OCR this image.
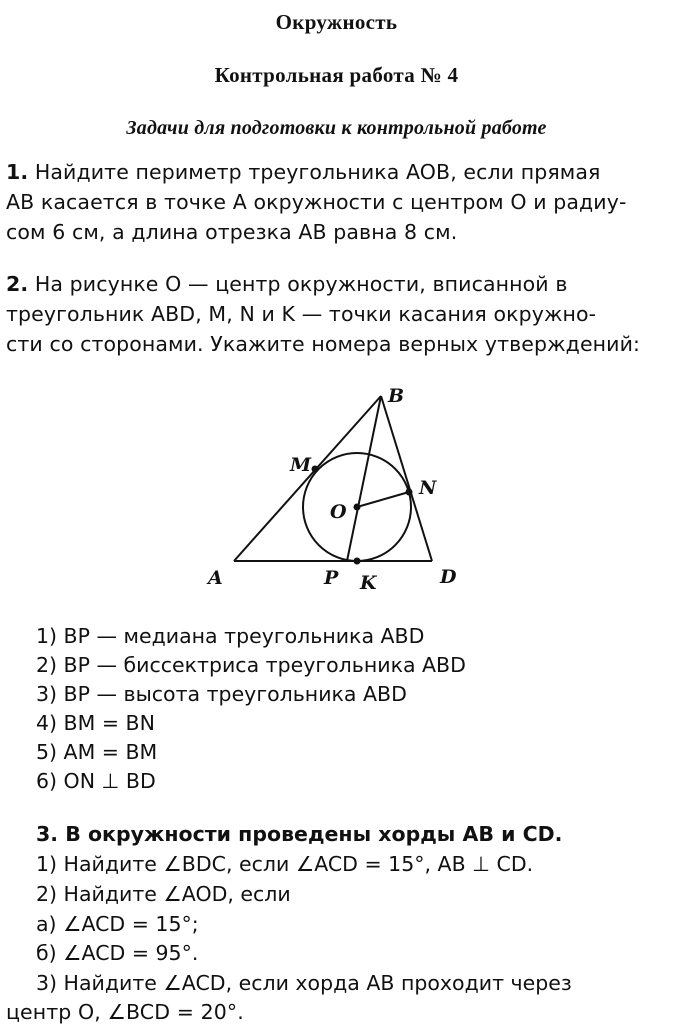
Окружность
Контрольная работа № 4
Задачи для подготовки к контрольной работе
1. Найдите периметр треугольника AOB, если прямая
AB касается в точке A окружности с центром O и радиу-
сом 6 см, а длина отрезка AB равна 8 см.
2. На рисунке O — центр окружности, вписанной в
треугольник ABD, M, N и K — точки касания окружно-
сти со сторонами. Укажите номера верных утверждений:
B
M
N
O
A	P K	D
1) BP — медиана треугольника ABD
2) BP — биссектриса треугольника ABD
3) BP — высота треугольника ABD
4) BM = BN
5) AM = BM
6) ON ⊥ BD
3. В окружности проведены хорды AB и CD.
1) Найдите ∠BDC, если ∠ACD = 15°, AB ⊥ CD.
2) Найдите ∠AOD, если
а) ∠ACD = 15°;
б) ∠ACD = 95°.
3) Найдите ∠ACD, если хорда AB проходит через
центр O, ∠BCD = 20°.
